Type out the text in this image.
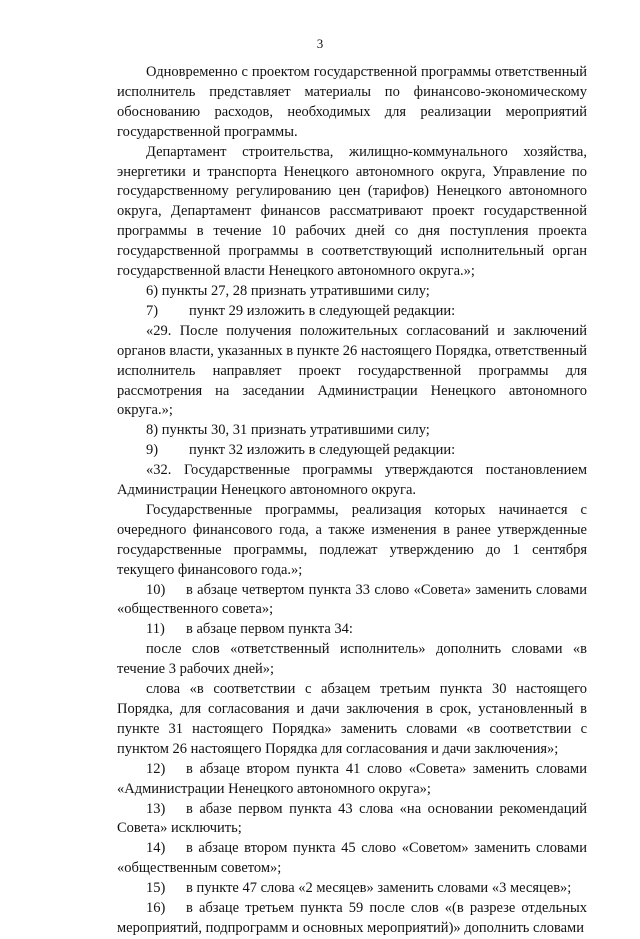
3

Одновременно с проектом государственной программы ответственный исполнитель представляет материалы по финансово-экономическому обоснованию расходов, необходимых для реализации мероприятий государственной программы.

Департамент строительства, жилищно-коммунального хозяйства, энергетики и транспорта Ненецкого автономного округа, Управление по государственному регулированию цен (тарифов) Ненецкого автономного округа, Департамент финансов рассматривают проект государственной программы в течение 10 рабочих дней со дня поступления проекта государственной программы в соответствующий исполнительный орган государственной власти Ненецкого автономного округа.»;

6) пункты 27, 28 признать утратившими силу;

7) пункт 29 изложить в следующей редакции:

«29. После получения положительных согласований и заключений органов власти, указанных в пункте 26 настоящего Порядка, ответственный исполнитель направляет проект государственной программы для рассмотрения на заседании Администрации Ненецкого автономного округа.»;

8) пункты 30, 31 признать утратившими силу;

9) пункт 32 изложить в следующей редакции:

«32. Государственные программы утверждаются постановлением Администрации Ненецкого автономного округа.

Государственные программы, реализация которых начинается с очередного финансового года, а также изменения в ранее утвержденные государственные программы, подлежат утверждению до 1 сентября текущего финансового года.»;

10) в абзаце четвертом пункта 33 слово «Совета» заменить словами «общественного совета»;

11) в абзаце первом пункта 34:

после слов «ответственный исполнитель» дополнить словами «в течение 3 рабочих дней»;

слова «в соответствии с абзацем третьим пункта 30 настоящего Порядка, для согласования и дачи заключения в срок, установленный в пункте 31 настоящего Порядка» заменить словами «в соответствии с пунктом 26 настоящего Порядка для согласования и дачи заключения»;

12) в абзаце втором пункта 41 слово «Совета» заменить словами «Администрации Ненецкого автономного округа»;

13) в абазе первом пункта 43 слова «на основании рекомендаций Совета» исключить;

14) в абзаце втором пункта 45 слово «Советом» заменить словами «общественным советом»;

15) в пункте 47 слова «2 месяцев» заменить словами «3 месяцев»;

16) в абзаце третьем пункта 59 после слов «(в разрезе отдельных мероприятий, подпрограмм и основных мероприятий)» дополнить словами
